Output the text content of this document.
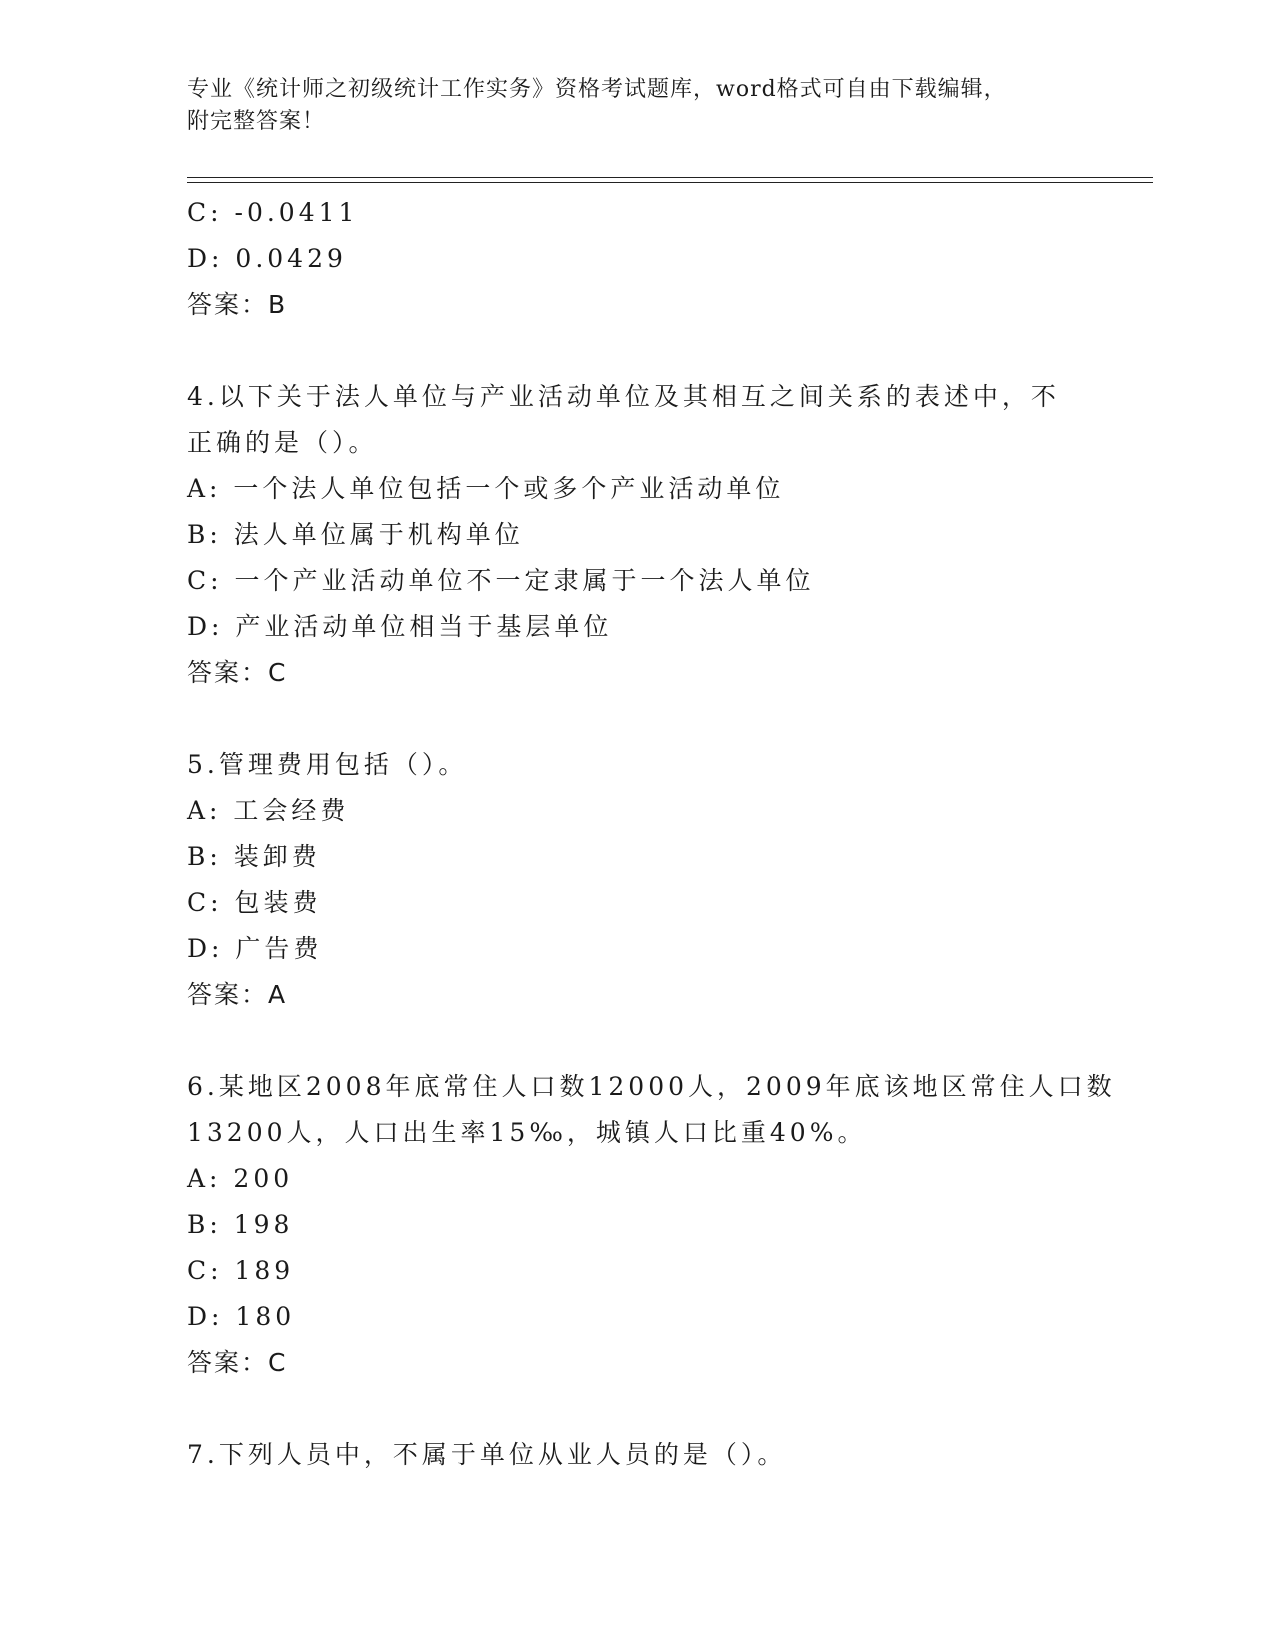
专业《统计师之初级统计工作实务》资格考试题库，word格式可自由下载编辑，
附完整答案！
C: -0.0411
D: 0.0429
答案：B
4.以下关于法人单位与产业活动单位及其相互之间关系的表述中，不
正确的是（）。
A: 一个法人单位包括一个或多个产业活动单位
B: 法人单位属于机构单位
C: 一个产业活动单位不一定隶属于一个法人单位
D: 产业活动单位相当于基层单位
答案：C
5.管理费用包括（）。
A: 工会经费
B: 装卸费
C: 包装费
D: 广告费
答案：A
6.某地区2008年底常住人口数12000人，2009年底该地区常住人口数
13200人，人口出生率15‰，城镇人口比重40%。
A: 200
B: 198
C: 189
D: 180
答案：C
7.下列人员中，不属于单位从业人员的是（）。
